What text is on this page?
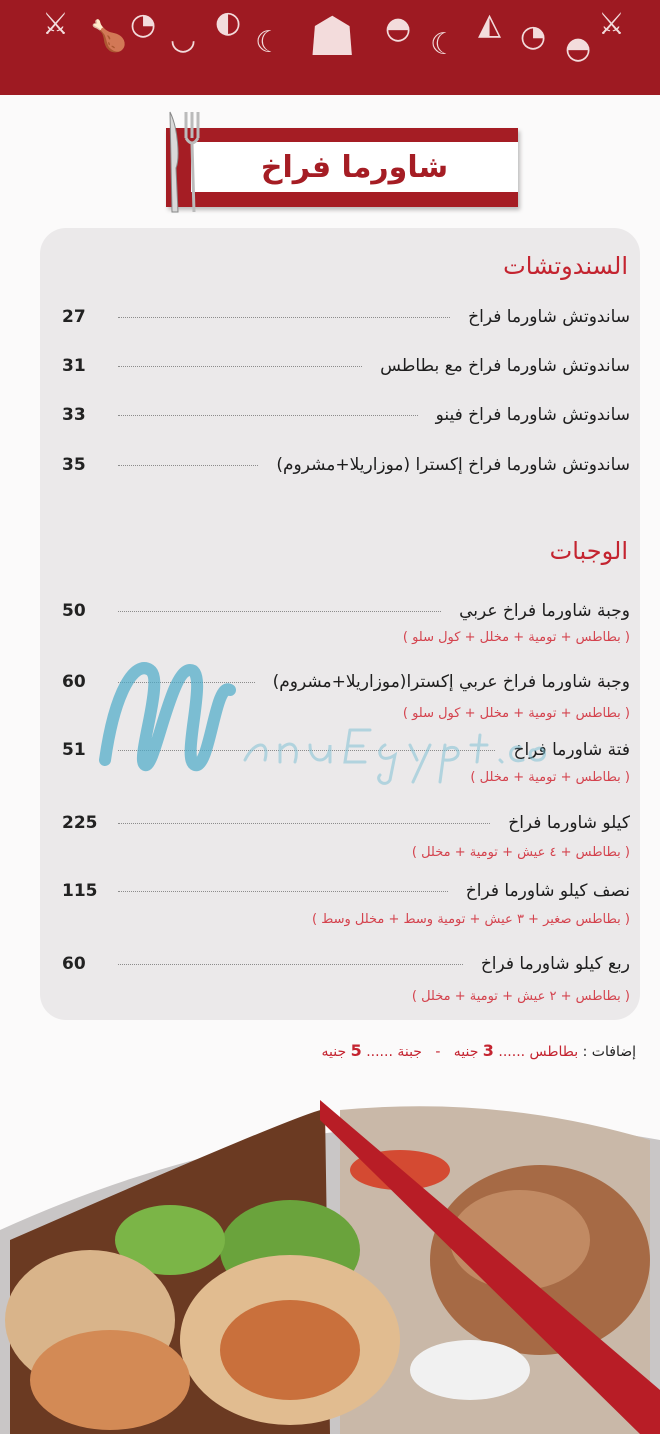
⚔ 🍗 ◔ ◡ ◐
☾ ☗ ◓ ☾
◭ ◔ ◓
⚔
شاورما فراخ
السندوتشات
ساندوتش شاورما فراخ
27
ساندوتش شاورما فراخ مع بطاطس
31
ساندوتش شاورما فراخ فينو
33
ساندوتش شاورما فراخ إكسترا (موزاريلا+مشروم)
35
الوجبات
وجبة شاورما فراخ عربي
50
( بطاطس + تومية + مخلل + كول سلو )
وجبة شاورما فراخ عربي إكسترا(موزاريلا+مشروم)
60
( بطاطس + تومية + مخلل + كول سلو )
فتة شاورما فراخ
51
( بطاطس + تومية + مخلل )
كيلو شاورما فراخ
225
( بطاطس + ٤ عيش + تومية + مخلل )
نصف كيلو شاورما فراخ
115
( بطاطس صغير + ٣ عيش + تومية وسط + مخلل وسط )
ربع كيلو شاورما فراخ
60
( بطاطس + ٢ عيش + تومية + مخلل )
إضافات : بطاطس ...... 3 جنيه   -   جبنة ...... 5 جنيه
